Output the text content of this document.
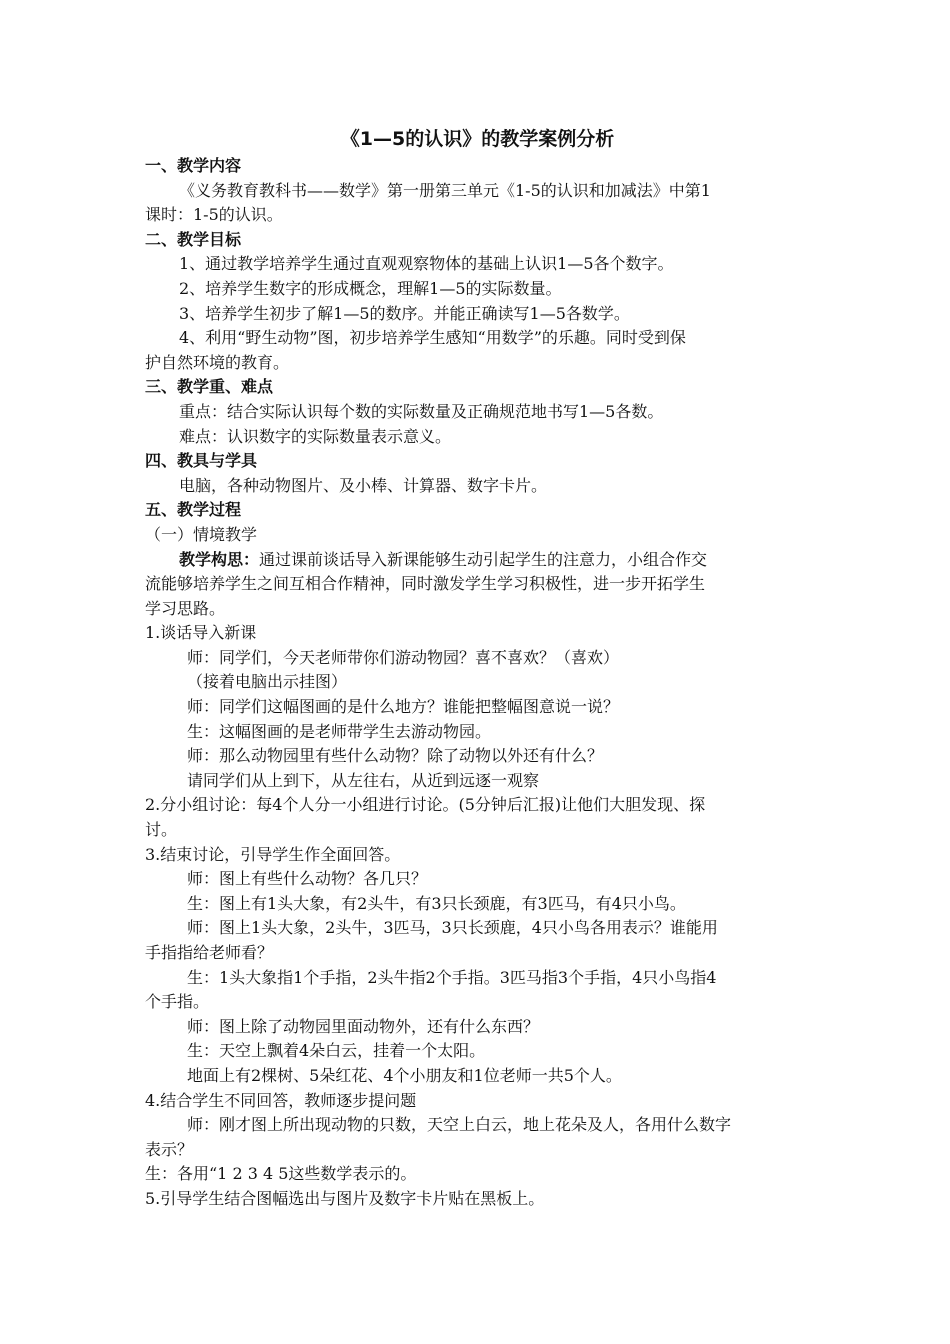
《1—5的认识》的教学案例分析
一、教学内容
《义务教育教科书——数学》第一册第三单元《1-5的认识和加减法》中第1
课时：1-5的认识。
二、教学目标
1、通过教学培养学生通过直观观察物体的基础上认识1—5各个数字。
2、培养学生数字的形成概念，理解1—5的实际数量。
3、培养学生初步了解1—5的数序。并能正确读写1—5各数学。
4、利用“野生动物”图，初步培养学生感知“用数学”的乐趣。同时受到保
护自然环境的教育。
三、教学重、难点
重点：结合实际认识每个数的实际数量及正确规范地书写1—5各数。
难点：认识数字的实际数量表示意义。
四、教具与学具
电脑，各种动物图片、及小棒、计算器、数字卡片。
五、教学过程
（一）情境教学
教学构思：通过课前谈话导入新课能够生动引起学生的注意力，小组合作交
流能够培养学生之间互相合作精神，同时激发学生学习积极性，进一步开拓学生
学习思路。
1.谈话导入新课
师：同学们，今天老师带你们游动物园？喜不喜欢？（喜欢）
（接着电脑出示挂图）
师：同学们这幅图画的是什么地方？谁能把整幅图意说一说？
生：这幅图画的是老师带学生去游动物园。
师：那么动物园里有些什么动物？除了动物以外还有什么？
请同学们从上到下，从左往右，从近到远逐一观察
2.分小组讨论：每4个人分一小组进行讨论。(5分钟后汇报)让他们大胆发现、探
讨。
3.结束讨论，引导学生作全面回答。
师：图上有些什么动物？各几只？
生：图上有1头大象，有2头牛，有3只长颈鹿，有3匹马，有4只小鸟。
师：图上1头大象，2头牛，3匹马，3只长颈鹿，4只小鸟各用表示？谁能用
手指指给老师看？
生：1头大象指1个手指，2头牛指2个手指。3匹马指3个手指，4只小鸟指4
个手指。
师：图上除了动物园里面动物外，还有什么东西？
生：天空上飘着4朵白云，挂着一个太阳。
地面上有2棵树、5朵红花、4个小朋友和1位老师一共5个人。
4.结合学生不同回答，教师逐步提问题
师：刚才图上所出现动物的只数，天空上白云，地上花朵及人，各用什么数字
表示？
生：各用“1 2 3 4 5这些数学表示的。
5.引导学生结合图幅选出与图片及数字卡片贴在黑板上。
